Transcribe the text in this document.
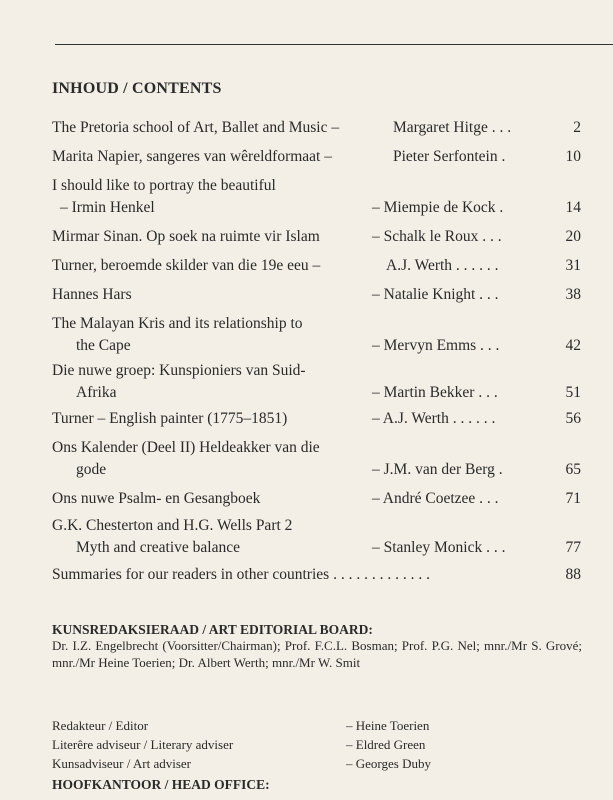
INHOUD / CONTENTS
The Pretoria school of Art, Ballet and Music –	Margaret Hitge . . .	2
Marita Napier, sangeres van wêreldformaat –	Pieter Serfontein .	10
I should like to portray the beautiful
– Irmin Henkel	– Miempie de Kock .	14
Mirmar Sinan. Op soek na ruimte vir Islam	– Schalk le Roux . . .	20
Turner, beroemde skilder van die 19e eeu –	A.J. Werth . . . . . .	31
Hannes Hars	– Natalie Knight . . .	38
The Malayan Kris and its relationship to
the Cape	– Mervyn Emms . . .	42
Die nuwe groep: Kunspioniers van Suid-
Afrika	– Martin Bekker . . .	51
Turner – English painter (1775–1851)	– A.J. Werth . . . . . .	56
Ons Kalender (Deel II) Heldeakker van die
gode	– J.M. van der Berg .	65
Ons nuwe Psalm- en Gesangboek	– André Coetzee . . .	71
G.K. Chesterton and H.G. Wells Part 2
Myth and creative balance	– Stanley Monick . . .	77
Summaries for our readers in other countries . . . . . . . . . . . . .	88
KUNSREDAKSIERAAD / ART EDITORIAL BOARD:
Dr. I.Z. Engelbrecht (Voorsitter/Chairman); Prof. F.C.L. Bosman; Prof. P.G. Nel; mnr./Mr S. Grové; mnr./Mr Heine Toerien; Dr. Albert Werth; mnr./Mr W. Smit
Redakteur / Editor	– Heine Toerien
Literêre adviseur / Literary adviser	– Eldred Green
Kunsadviseur / Art adviser	– Georges Duby
HOOFKANTOOR / HEAD OFFICE:
